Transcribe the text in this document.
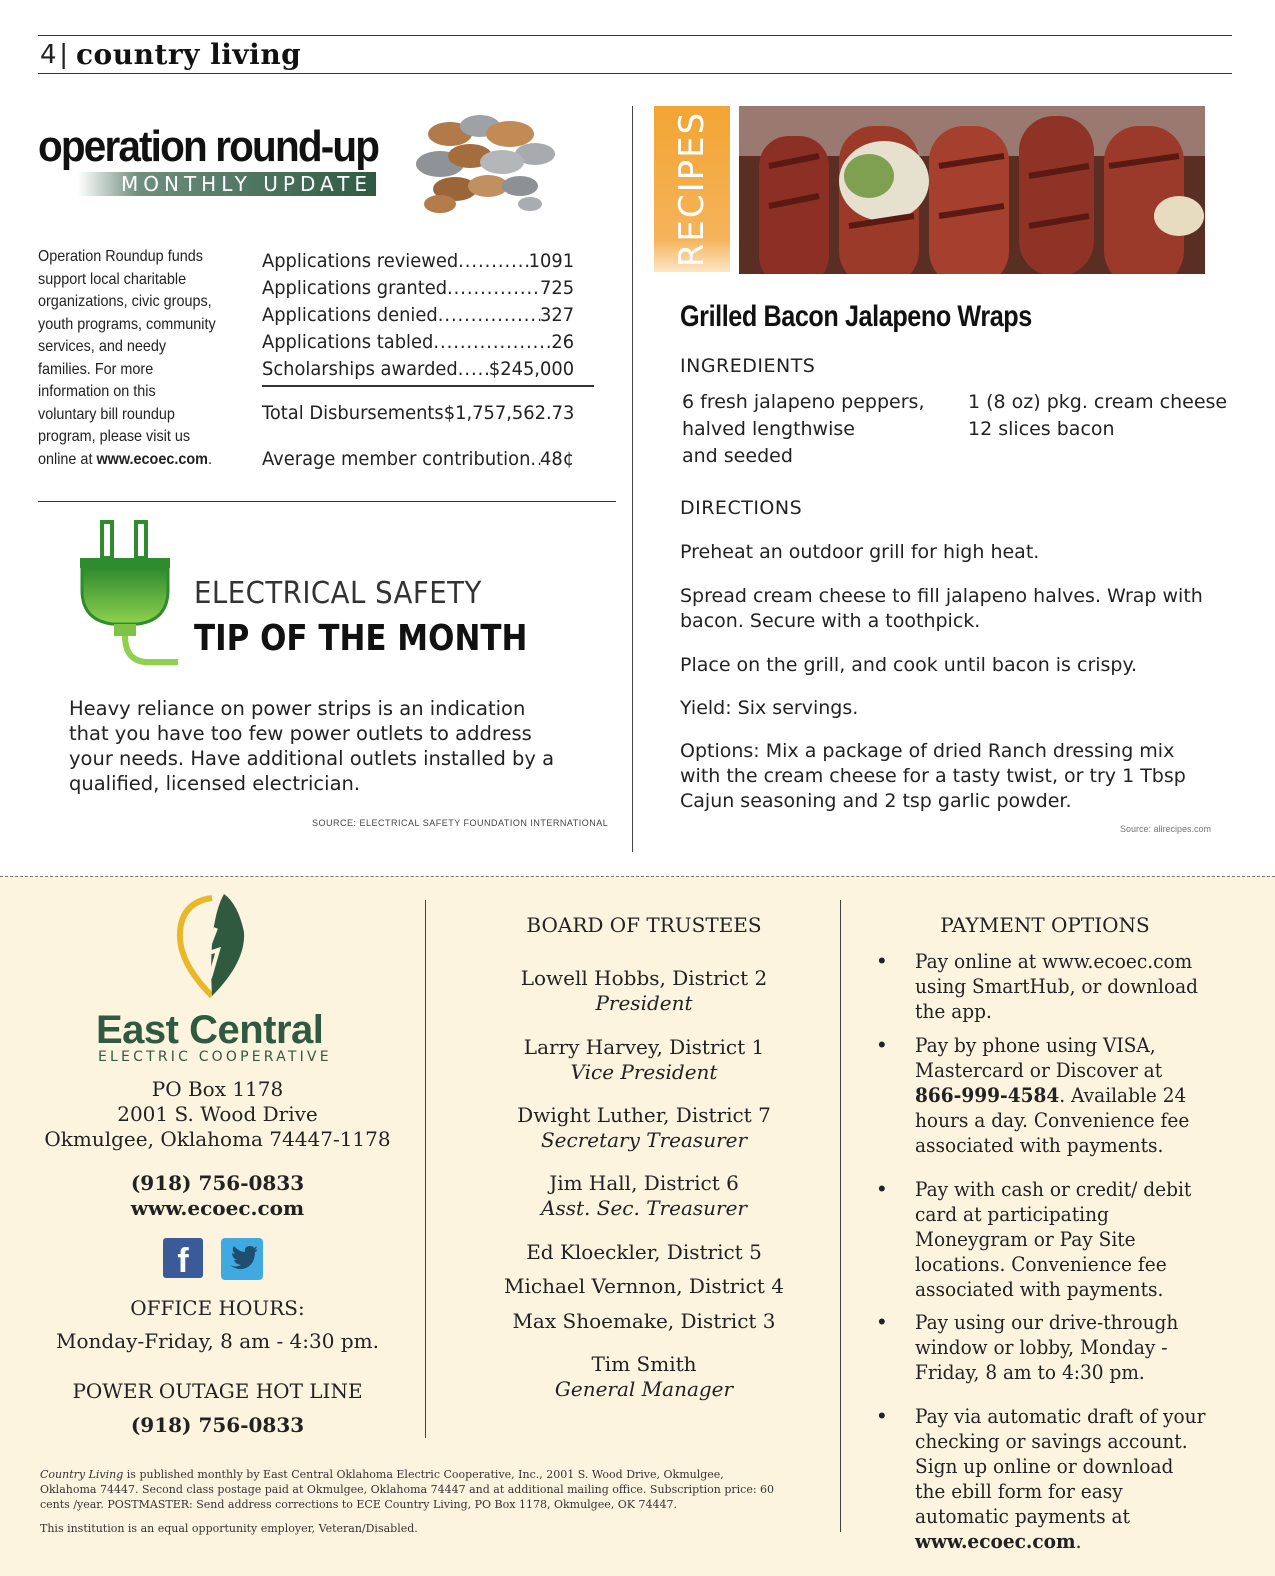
4 | country living
operation round-up
MONTHLY UPDATE
Operation Roundup funds support local charitable organizations, civic groups, youth programs, community services, and needy families. For more information on this voluntary bill roundup program, please visit us online at www.ecoec.com.
Applications reviewed .....	1091
Applications granted .....	725
Applications denied .....	327
Applications tabled .....	26
Scholarships awarded ..... $245,000
Total Disbursements $1,757,562.73
Average member contribution ..... 48¢
ELECTRICAL SAFETY
TIP OF THE MONTH
Heavy reliance on power strips is an indication that you have too few power outlets to address your needs. Have additional outlets installed by a qualified, licensed electrician.
SOURCE: ELECTRICAL SAFETY FOUNDATION INTERNATIONAL
RECIPES
Grilled Bacon Jalapeno Wraps
INGREDIENTS
6 fresh jalapeno peppers,
halved lengthwise
and seeded
1 (8 oz) pkg. cream cheese
12 slices bacon
DIRECTIONS
Preheat an outdoor grill for high heat.
Spread cream cheese to fill jalapeno halves. Wrap with bacon. Secure with a toothpick.
Place on the grill, and cook until bacon is crispy.
Yield: Six servings.
Options: Mix a package of dried Ranch dressing mix with the cream cheese for a tasty twist, or try 1 Tbsp Cajun seasoning and 2 tsp garlic powder.
Source: allrecipes.com
East Central
ELECTRIC COOPERATIVE
PO Box 1178
2001 S. Wood Drive
Okmulgee, Oklahoma 74447-1178
(918) 756-0833
www.ecoec.com
f
OFFICE HOURS:
Monday-Friday, 8 am - 4:30 pm.
POWER OUTAGE HOT LINE
(918) 756-0833
BOARD OF TRUSTEES
Lowell Hobbs, District 2
President
Larry Harvey, District 1
Vice President
Dwight Luther, District 7
Secretary Treasurer
Jim Hall, District 6
Asst. Sec. Treasurer
Ed Kloeckler, District 5
Michael Vernnon, District 4
Max Shoemake, District 3
Tim Smith
General Manager
PAYMENT OPTIONS
• Pay online at www.ecoec.com using SmartHub, or download the app.
• Pay by phone using VISA, Mastercard or Discover at 866-999-4584. Available 24 hours a day. Convenience fee associated with payments.
• Pay with cash or credit/ debit card at participating Moneygram or Pay Site locations. Convenience fee associated with payments.
• Pay using our drive-through window or lobby, Monday - Friday, 8 am to 4:30 pm.
• Pay via automatic draft of your checking or savings account. Sign up online or download the ebill form for easy automatic payments at www.ecoec.com.
Country Living is published monthly by East Central Oklahoma Electric Cooperative, Inc., 2001 S. Wood Drive, Okmulgee, Oklahoma 74447. Second class postage paid at Okmulgee, Oklahoma 74447 and at additional mailing office. Subscription price: 60 cents /year. POSTMASTER: Send address corrections to ECE Country Living, PO Box 1178, Okmulgee, OK 74447.
This institution is an equal opportunity employer, Veteran/Disabled.
